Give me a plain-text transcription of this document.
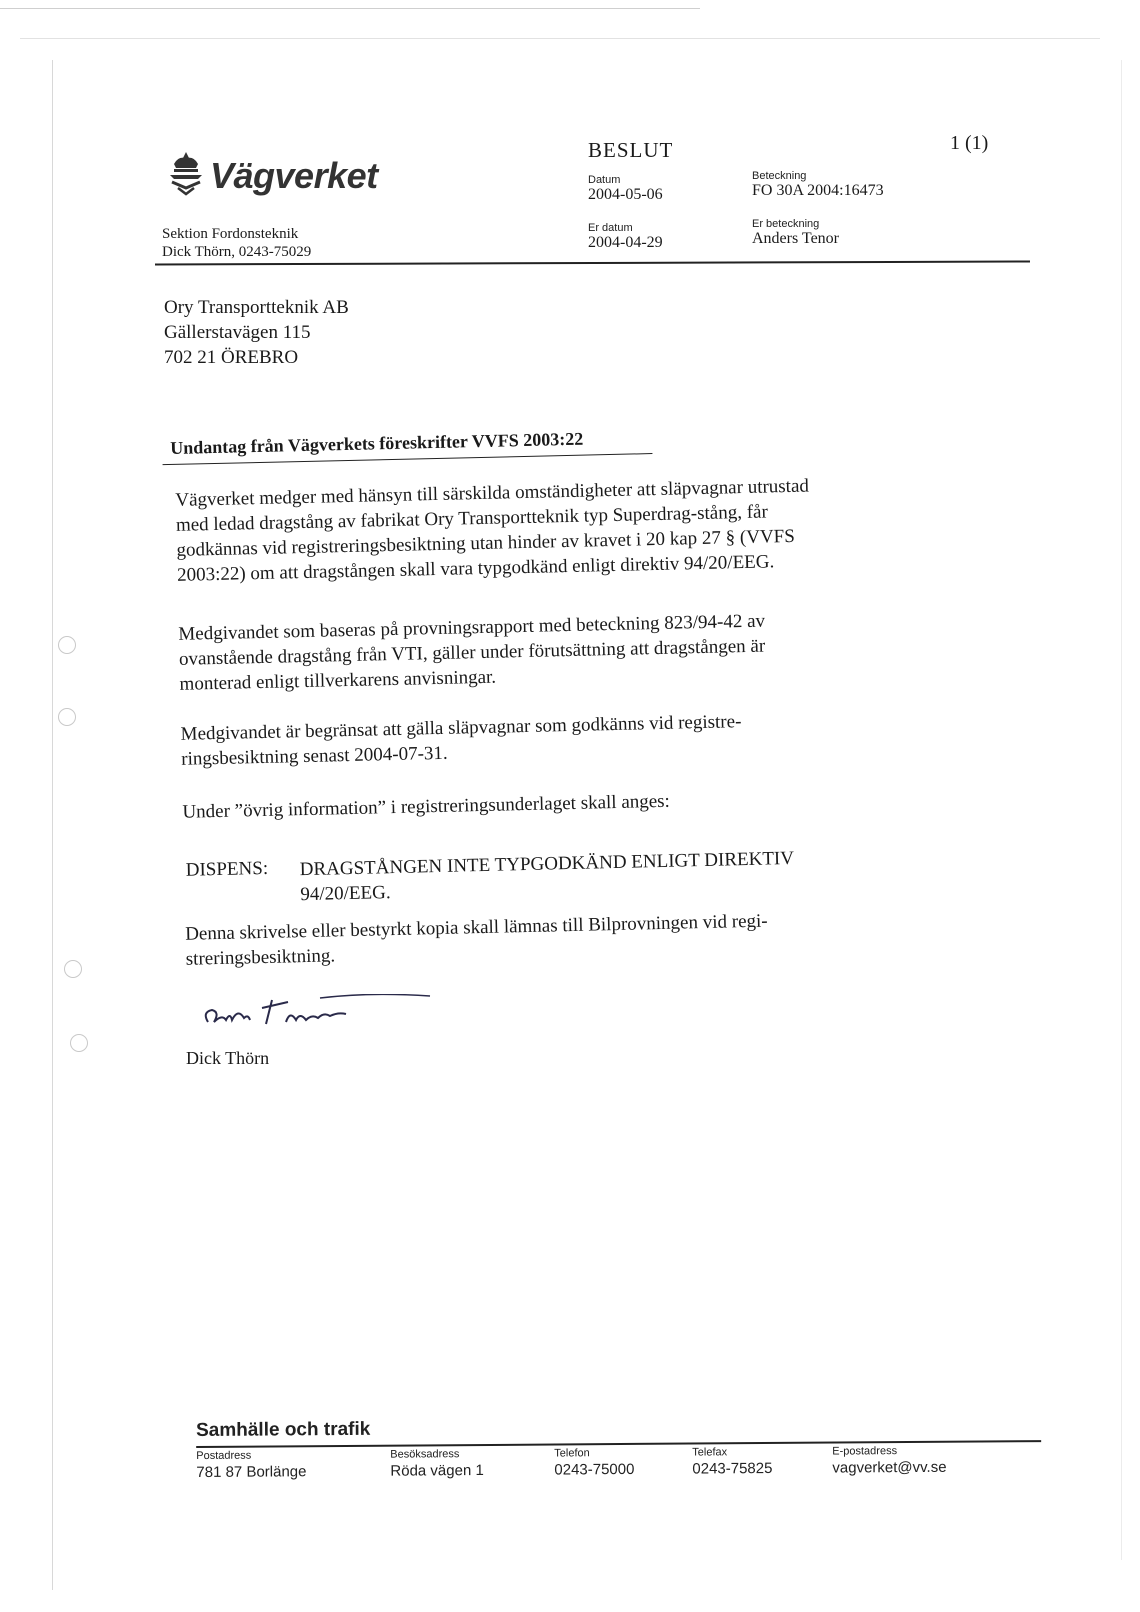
Vägverket
BESLUT	1 (1)
Datum
2004-05-06
Beteckning
FO 30A 2004:16473
Er datum
2004-04-29
Er beteckning
Anders Tenor
Sektion Fordonsteknik
Dick Thörn, 0243-75029
Ory Transportteknik AB
Gällerstavägen 115
702 21 ÖREBRO
Undantag från Vägverkets föreskrifter VVFS 2003:22

Vägverket medger med hänsyn till särskilda omständigheter att släpvagnar utrustad med ledad dragstång av fabrikat Ory Transportteknik typ Superdrag-stång, får godkännas vid registreringsbesiktning utan hinder av kravet i 20 kap 27 § (VVFS 2003:22) om att dragstången skall vara typgodkänd enligt direktiv 94/20/EEG.

Medgivandet som baseras på provningsrapport med beteckning 823/94-42 av ovanstående dragstång från VTI, gäller under förutsättning att dragstången är monterad enligt tillverkarens anvisningar.

Medgivandet är begränsat att gälla släpvagnar som godkänns vid registre-ringsbesiktning senast 2004-07-31.

Under ”övrig information” i registreringsunderlaget skall anges:

DISPENS: DRAGSTÅNGEN INTE TYPGODKÄND ENLIGT DIREKTIV 94/20/EEG.

Denna skrivelse eller bestyrkt kopia skall lämnas till Bilprovningen vid regi-streringsbesiktning.

Dick Thörn
Samhälle och trafik
Postadress
781 87 Borlänge
Besöksadress
Röda vägen 1
Telefon
0243-75000
Telefax
0243-75825
E-postadress
vagverket@vv.se
